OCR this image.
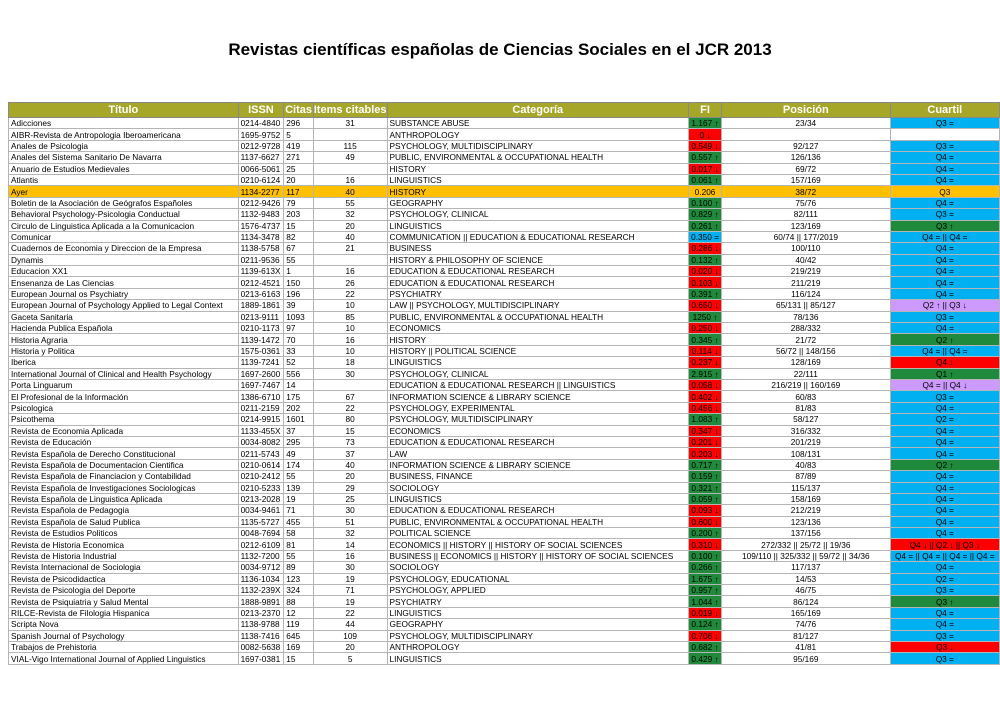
Revistas científicas españolas de Ciencias Sociales en el JCR 2013
Título	ISSN	Citas	Items citables	Categoría	FI	Posición	Cuartil
Adicciones	0214-4840	296	31	SUBSTANCE ABUSE	1.167 ↑	23/34	Q3 =
AIBR-Revista de Antropologia Iberoamericana	1695-9752	5		ANTHROPOLOGY	0 ↓		
Anales de Psicologia	0212-9728	419	115	PSYCHOLOGY, MULTIDISCIPLINARY	0.549 ↓	92/127	Q3 =
Anales del Sistema Sanitario De Navarra	1137-6627	271	49	PUBLIC, ENVIRONMENTAL & OCCUPATIONAL HEALTH	0.557 ↑	126/136	Q4 =
Anuario de Estudios Medievales	0066-5061	25		HISTORY	0.017 ↓	69/72	Q4 =
Atlantis	0210-6124	20	16	LINGUISTICS	0.061 ↑	157/169	Q4 =
Ayer	1134-2277	117	40	HISTORY	0.206	38/72	Q3
Boletin de la Asociación de Geógrafos Españoles	0212-9426	79	55	GEOGRAPHY	0.100 ↑	75/76	Q4 =
Behavioral Psychology-Psicologia Conductual	1132-9483	203	32	PSYCHOLOGY, CLINICAL	0.829 ↑	82/111	Q3 =
Circulo de Linguistica Aplicada a la Comunicacion	1576-4737	15	20	LINGUISTICS	0.261 ↑	123/169	Q3 ↑
Comunicar	1134-3478	82	40	COMMUNICATION || EDUCATION & EDUCATIONAL RESEARCH	0.350 =	60/74 || 177/2019	Q4 = || Q4 =
Cuadernos de Economia y Direccion de la Empresa	1138-5758	67	21	BUSINESS	0.286 ↓	100/110	Q4 =
Dynamis	0211-9536	55		HISTORY & PHILOSOPHY OF SCIENCE	0.132 ↑	40/42	Q4 =
Educacion XX1	1139-613X	1	16	EDUCATION & EDUCATIONAL RESEARCH	0.020 ↓	219/219	Q4 =
Ensenanza de Las Ciencias	0212-4521	150	26	EDUCATION & EDUCATIONAL RESEARCH	0.103 ↓	211/219	Q4 =
European Journal os Psychiatry	0213-6163	196	22	PSYCHIATRY	0.391 ↑	116/124	Q4 =
European Journal of Psychology Applied to Legal Context	1889-1861	39	10	LAW || PSYCHOLOGY, MULTIDISCIPLINARY	0.650 ↓	65/131 || 85/127	Q2 ↑ || Q3 ↓
Gaceta Sanitaria	0213-9111	1093	85	PUBLIC, ENVIRONMENTAL & OCCUPATIONAL HEALTH	1250 ↑	78/136	Q3 =
Hacienda Publica Española	0210-1173	97	10	ECONOMICS	0.250 ↓	288/332	Q4 =
Historia Agraria	1139-1472	70	16	HISTORY	0.345 ↑	21/72	Q2 ↑
Historia y Politica	1575-0361	33	10	HISTORY || POLITICAL SCIENCE	0.114 ↓	56/72 || 148/156	Q4 = || Q4 =
Iberica	1139-7241	52	18	LINGUISTICS	0.237 ↓	128/169	Q4 ↓
International Journal of Clinical and Health Psychology	1697-2600	556	30	PSYCHOLOGY, CLINICAL	2.915 ↑	22/111	Q1 ↑
Porta Linguarum	1697-7467	14		EDUCATION & EDUCATIONAL RESEARCH || LINGUISTICS	0.058 ↓	216/219 || 160/169	Q4 = || Q4 ↓
El Profesional de la Información	1386-6710	175	67	INFORMATION SCIENCE & LIBRARY SCIENCE	0.402 ↓	60/83	Q3 =
Psicologica	0211-2159	202	22	PSYCHOLOGY, EXPERIMENTAL	0.456 ↓	81/83	Q4 =
Psicothema	0214-9915	1601	80	PSYCHOLOGY, MULTIDISCIPLINARY	1.083 ↑	58/127	Q2 =
Revista de Economia Aplicada	1133-455X	37	15	ECONOMICS	0.347 ↓	316/332	Q4 =
Revista de Educación	0034-8082	295	73	EDUCATION & EDUCATIONAL RESEARCH	0.201 ↓	201/219	Q4 =
Revista Española de Derecho Constitucional	0211-5743	49	37	LAW	0.203 ↓	108/131	Q4 =
Revista Española de Documentacion Cientifica	0210-0614	174	40	INFORMATION SCIENCE & LIBRARY SCIENCE	0.717 ↑	40/83	Q2 ↑
Revista Española de Financiacion y Contabilidad	0210-2412	55	20	BUSINESS, FINANCE	0.159 ↑	87/89	Q4 =
Revista Española de Investigaciones Sociologicas	0210-5233	139	29	SOCIOLOGY	0.321 ↑	115/137	Q4 =
Revista Española de Linguistica Aplicada	0213-2028	19	25	LINGUISTICS	0.059 ↑	158/169	Q4 =
Revista Española de Pedagogia	0034-9461	71	30	EDUCATION & EDUCATIONAL RESEARCH	0.093 ↓	212/219	Q4 =
Revista Española de Salud Publica	1135-5727	455	51	PUBLIC, ENVIRONMENTAL & OCCUPATIONAL HEALTH	0.600 ↓	123/136	Q4 =
Revista de Estudios Politicos	0048-7694	58	32	POLITICAL SCIENCE	0.200 ↑	137/156	Q4 =
Revista de Historia Economica	0212-6109	81	14	ECONOMICS || HISTORY || HISTORY OF SOCIAL SCIENCES	0.310 ↓	272/332 || 25/72 || 19/36	Q4 ↓ || Q2 ↓ || Q3 ↓
Revista de Historia Industrial	1132-7200	55	16	BUSINESS || ECONOMICS || HISTORY || HISTORY OF SOCIAL SCIENCES	0.100 ↑	109/110 || 325/332 || 59/72 || 34/36	Q4 = || Q4 = || Q4 = || Q4 =
Revista Internacional de Sociologia	0034-9712	89	30	SOCIOLOGY	0.266 ↑	117/137	Q4 =
Revista de Psicodidactica	1136-1034	123	19	PSYCHOLOGY, EDUCATIONAL	1.675 ↑	14/53	Q2 =
Revista de Psicologia del Deporte	1132-239X	324	71	PSYCHOLOGY, APPLIED	0.957 ↑	46/75	Q3 =
Revista de Psiquiatria y Salud Mental	1888-9891	88	19	PSYCHIATRY	1.044 ↑	86/124	Q3 ↑
RILCE-Revista de Filologia Hispanica	0213-2370	12	22	LINGUISTICS	0.019 ↓	165/169	Q4 =
Scripta Nova	1138-9788	119	44	GEOGRAPHY	0.124 ↑	74/76	Q4 =
Spanish Journal of Psychology	1138-7416	645	109	PSYCHOLOGY, MULTIDISCIPLINARY	0.706 ↓	81/127	Q3 =
Trabajos de Prehistoria	0082-5638	169	20	ANTHROPOLOGY	0.682 ↑	41/81	Q3 ↓
VIAL-Vigo International Journal of Applied Linguistics	1697-0381	15	5	LINGUISTICS	0.429 ↑	95/169	Q3 =
